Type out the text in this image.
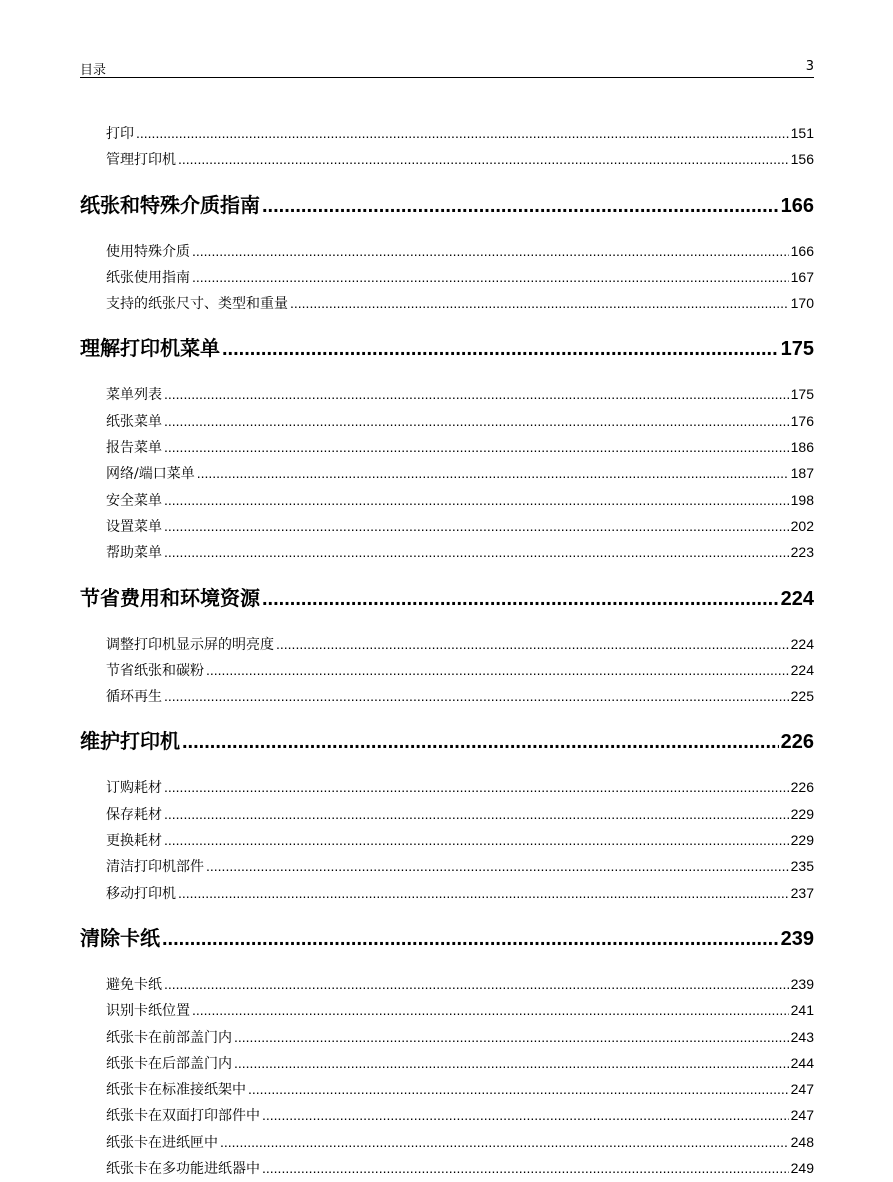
目录	3
打印 .....	151
管理打印机 .....	156
纸张和特殊介质指南 .....	166
使用特殊介质 .....	166
纸张使用指南 .....	167
支持的纸张尺寸、类型和重量 .....	170
理解打印机菜单 .....	175
菜单列表 .....	175
纸张菜单 .....	176
报告菜单 .....	186
网络/端口菜单 .....	187
安全菜单 .....	198
设置菜单 .....	202
帮助菜单 .....	223
节省费用和环境资源 .....	224
调整打印机显示屏的明亮度 .....	224
节省纸张和碳粉 .....	224
循环再生 .....	225
维护打印机 .....	226
订购耗材 .....	226
保存耗材 .....	229
更换耗材 .....	229
清洁打印机部件 .....	235
移动打印机 .....	237
清除卡纸 .....	239
避免卡纸 .....	239
识别卡纸位置 .....	241
纸张卡在前部盖门内 .....	243
纸张卡在后部盖门内 .....	244
纸张卡在标准接纸架中 .....	247
纸张卡在双面打印部件中 .....	247
纸张卡在进纸匣中 .....	248
纸张卡在多功能进纸器中 .....	249
